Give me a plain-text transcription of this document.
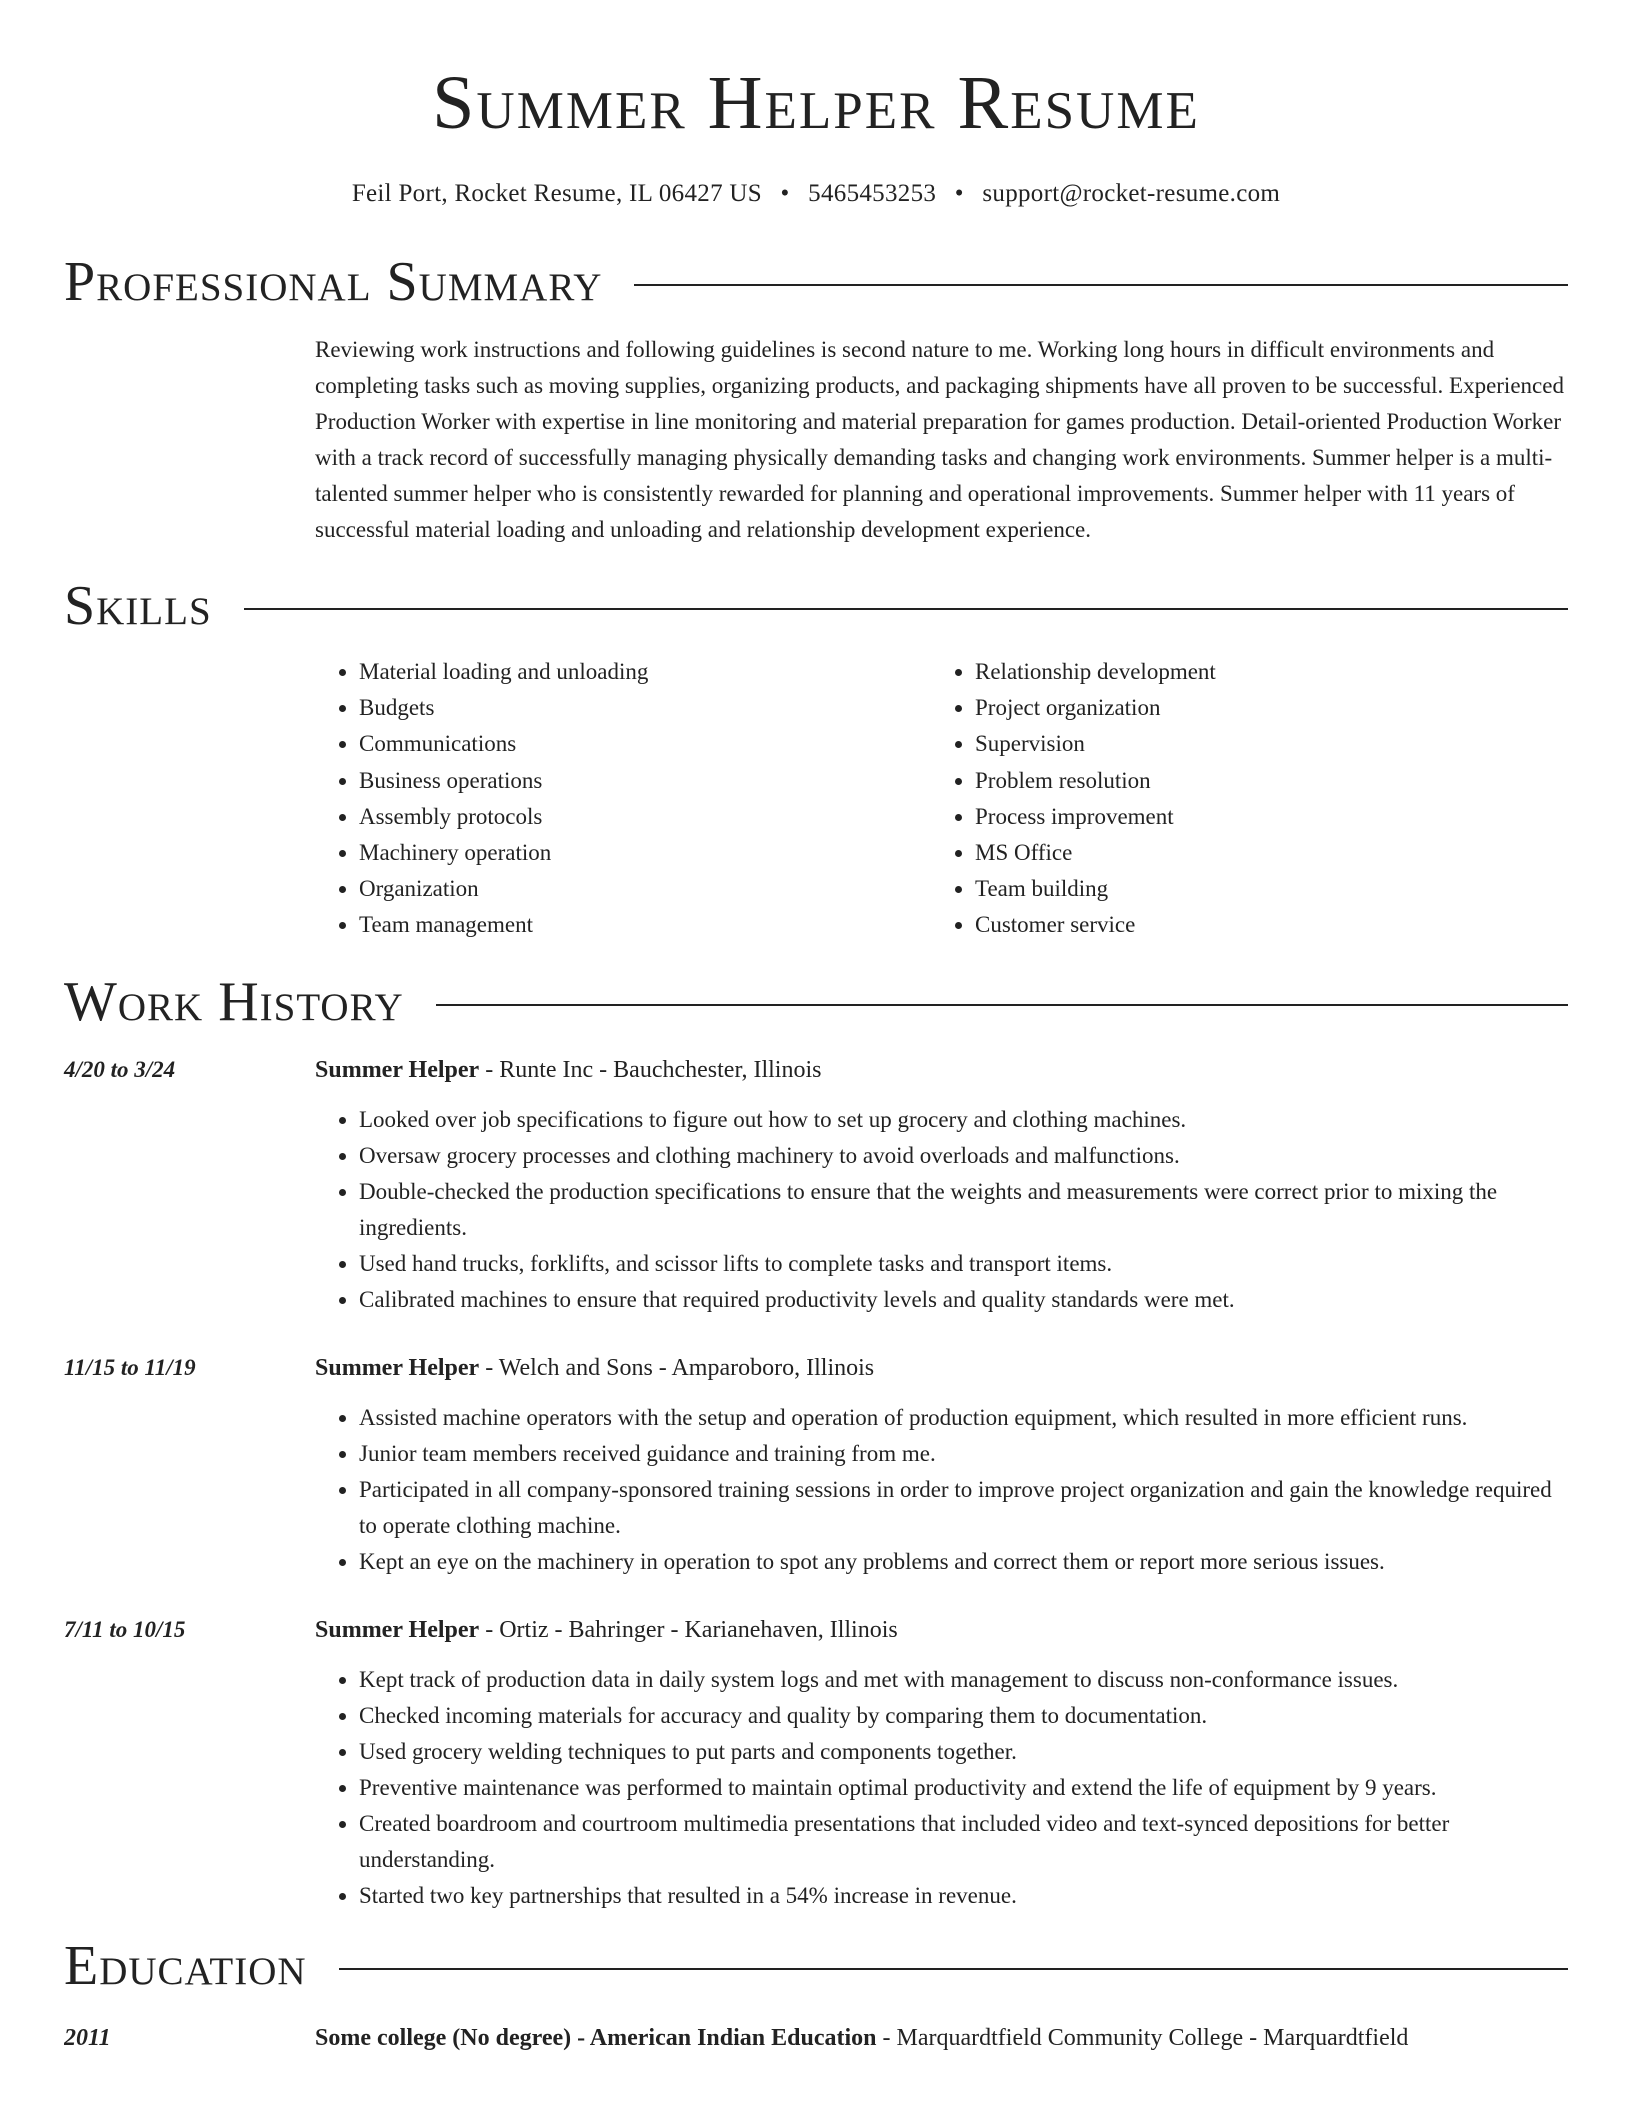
Summer Helper Resume
Feil Port, Rocket Resume, IL 06427 US • 5465453253 • support@rocket-resume.com
Professional Summary

Reviewing work instructions and following guidelines is second nature to me. Working long hours in difficult environments and completing tasks such as moving supplies, organizing products, and packaging shipments have all proven to be successful. Experienced Production Worker with expertise in line monitoring and material preparation for games production. Detail-oriented Production Worker with a track record of successfully managing physically demanding tasks and changing work environments. Summer helper is a multi-talented summer helper who is consistently rewarded for planning and operational improvements. Summer helper with 11 years of successful material loading and unloading and relationship development experience.

Skills
• Material loading and unloading
• Budgets
• Communications
• Business operations
• Assembly protocols
• Machinery operation
• Organization
• Team management
• Relationship development
• Project organization
• Supervision
• Problem resolution
• Process improvement
• MS Office
• Team building
• Customer service
Work History
4/20 to 3/24	Summer Helper - Runte Inc - Bauchchester, Illinois
• Looked over job specifications to figure out how to set up grocery and clothing machines.
• Oversaw grocery processes and clothing machinery to avoid overloads and malfunctions.
• Double-checked the production specifications to ensure that the weights and measurements were correct prior to mixing the ingredients.
• Used hand trucks, forklifts, and scissor lifts to complete tasks and transport items.
• Calibrated machines to ensure that required productivity levels and quality standards were met.
11/15 to 11/19	Summer Helper - Welch and Sons - Amparoboro, Illinois
• Assisted machine operators with the setup and operation of production equipment, which resulted in more efficient runs.
• Junior team members received guidance and training from me.
• Participated in all company-sponsored training sessions in order to improve project organization and gain the knowledge required to operate clothing machine.
• Kept an eye on the machinery in operation to spot any problems and correct them or report more serious issues.
7/11 to 10/15	Summer Helper - Ortiz - Bahringer - Karianehaven, Illinois
• Kept track of production data in daily system logs and met with management to discuss non-conformance issues.
• Checked incoming materials for accuracy and quality by comparing them to documentation.
• Used grocery welding techniques to put parts and components together.
• Preventive maintenance was performed to maintain optimal productivity and extend the life of equipment by 9 years.
• Created boardroom and courtroom multimedia presentations that included video and text-synced depositions for better understanding.
• Started two key partnerships that resulted in a 54% increase in revenue.
Education
2011	Some college (No degree) - American Indian Education - Marquardtfield Community College - Marquardtfield
